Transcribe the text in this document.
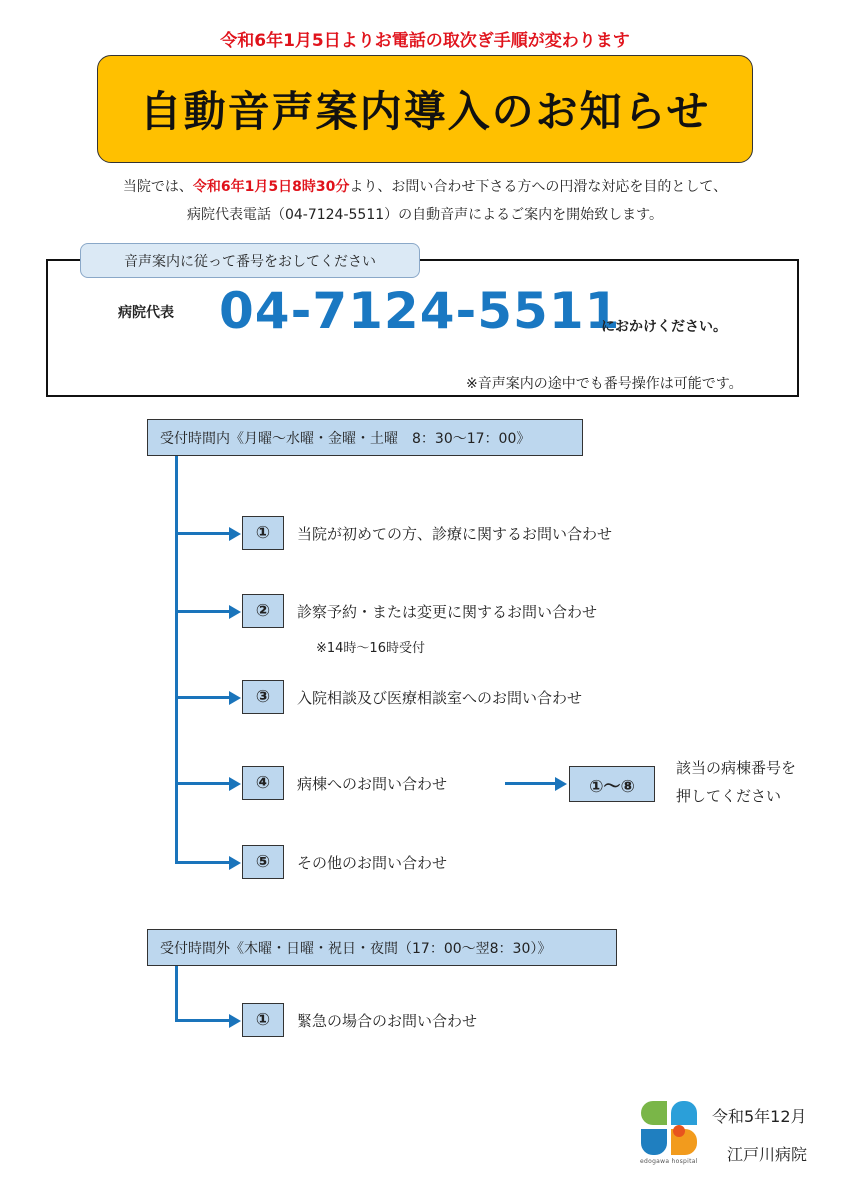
令和6年1月5日よりお電話の取次ぎ手順が変わります
自動音声案内導入のお知らせ
当院では、令和6年1月5日8時30分より、お問い合わせ下さる方への円滑な対応を目的として、
病院代表電話（04-7124-5511）の自動音声によるご案内を開始致します。
音声案内に従って番号をおしてください
病院代表 04-7124-5511
におかけください。
※音声案内の途中でも番号操作は可能です。
受付時間内《月曜～水曜・金曜・土曜　8：30～17：00》
①	当院が初めての方、診療に関するお問い合わせ
②	診察予約・または変更に関するお問い合わせ
※14時～16時受付
③	入院相談及び医療相談室へのお問い合わせ
④	病棟へのお問い合わせ	①～⑧
該当の病棟番号を
押してください
⑤	その他のお問い合わせ
受付時間外《木曜・日曜・祝日・夜間（17：00～翌8：30）》
①	緊急の場合のお問い合わせ
edogawa hospital
令和5年12月
江戸川病院
